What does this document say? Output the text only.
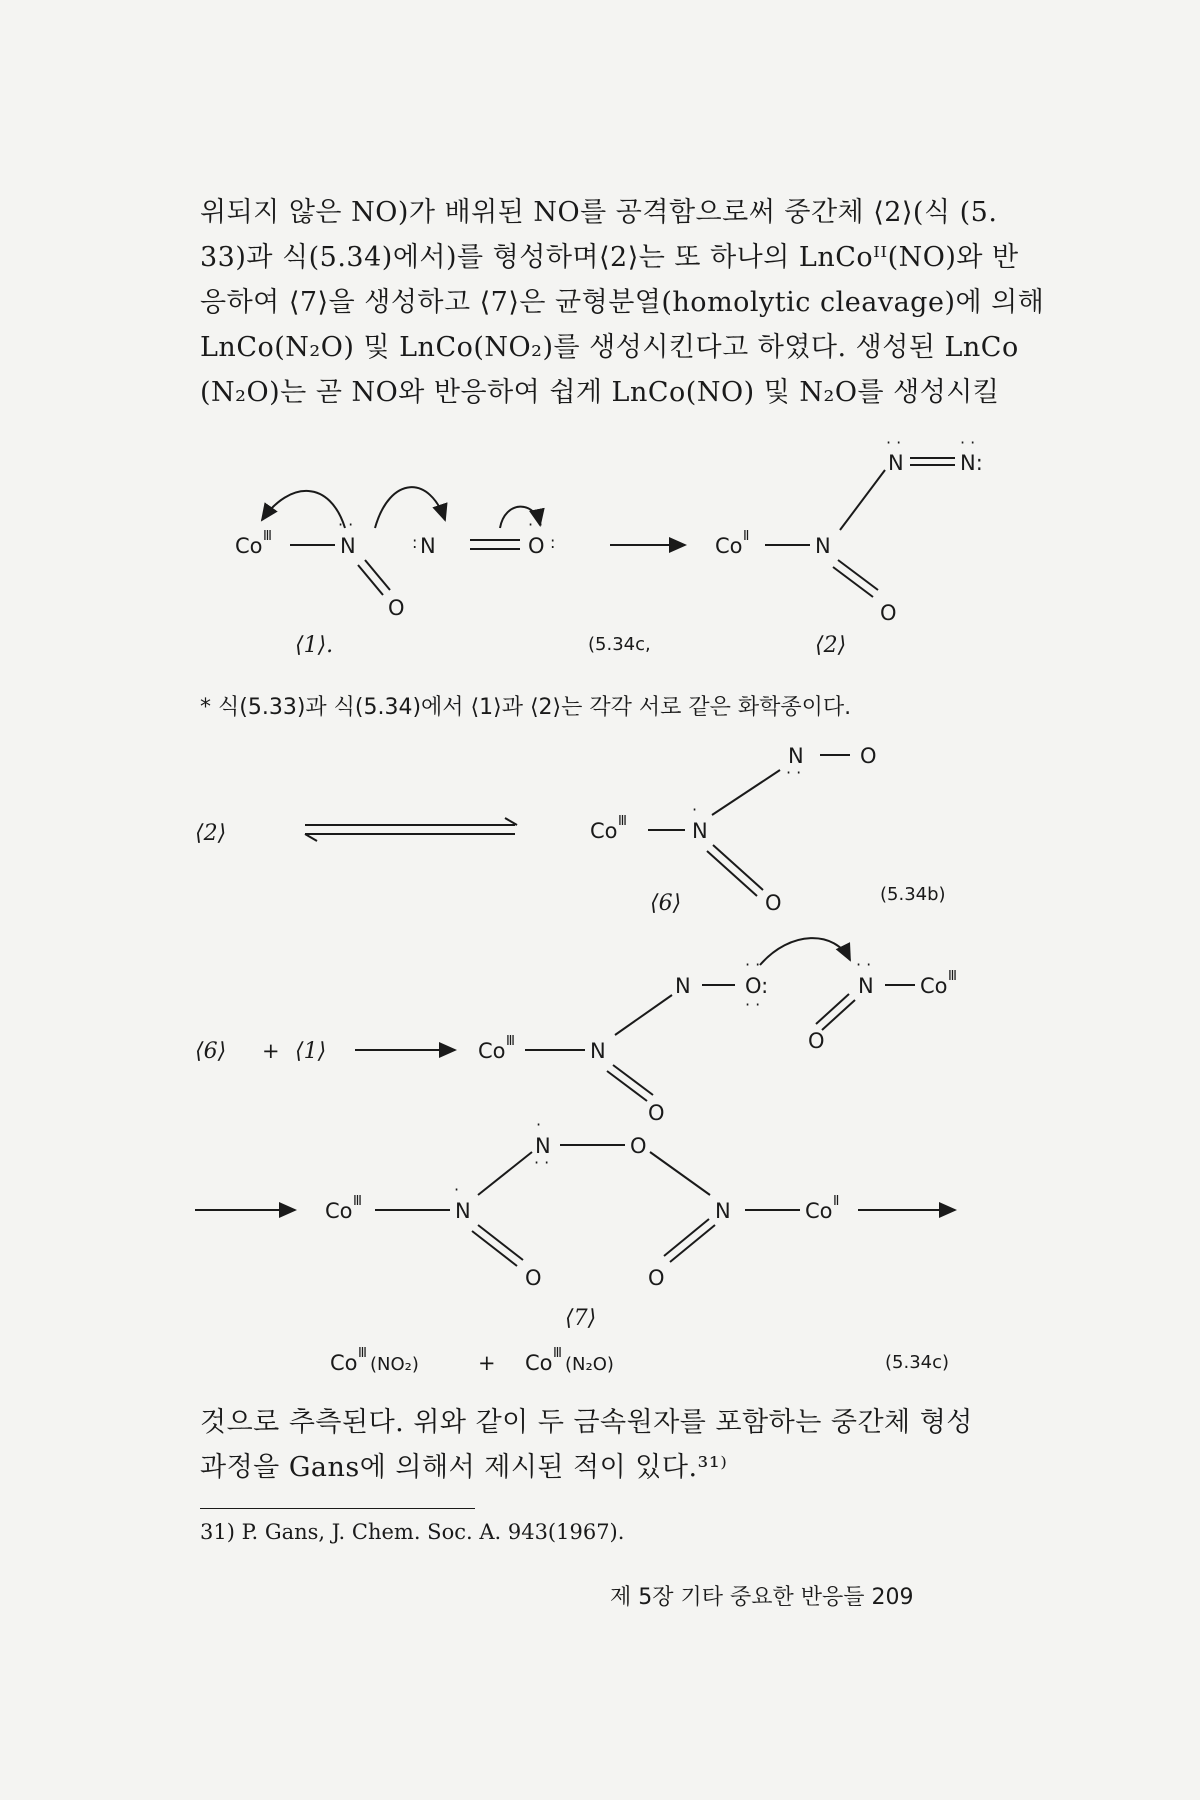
위되지 않은 NO)가 배위된 NO를 공격함으로써 중간체 ⟨2⟩(식 (5.
33)과 식(5.34)에서)를 형성하며⟨2⟩는 또 하나의 LnCoᴵᴵ(NO)와 반
응하여 ⟨7⟩을 생성하고 ⟨7⟩은 균형분열(homolytic cleavage)에 의해
LnCo(N₂O) 및 LnCo(NO₂)를 생성시킨다고 하였다. 생성된 LnCo
(N₂O)는 곧 NO와 반응하여 쉽게 LnCo(NO) 및 N₂O를 생성시킬
Co Ⅲ	N
· ·
: N	O
· ·
:
O
Co Ⅱ	N
O
N
· ·
N:
· ·
⟨1⟩.	(5.34c,	⟨2⟩
⟨2⟩	Co Ⅲ	N
·
N
· ·
O
O
⟨6⟩	(5.34b)
⟨6⟩ + ⟨1⟩	Co Ⅲ	N
O
N	O:
· ·
· ·
N
· ·
O
Co Ⅲ
Co Ⅲ	N
·
N
·
· ·
O
N	Co Ⅱ
O	O
⟨7⟩
Co Ⅲ
(NO₂)	+ Co Ⅲ
(N₂O)	(5.34c)
* 식(5.33)과 식(5.34)에서 ⟨1⟩과 ⟨2⟩는 각각 서로 같은 화학종이다.
것으로 추측된다. 위와 같이 두 금속원자를 포함하는 중간체 형성
과정을 Gans에 의해서 제시된 적이 있다.³¹⁾
31) P. Gans, J. Chem. Soc. A. 943(1967).
제 5장 기타 중요한 반응들 209
